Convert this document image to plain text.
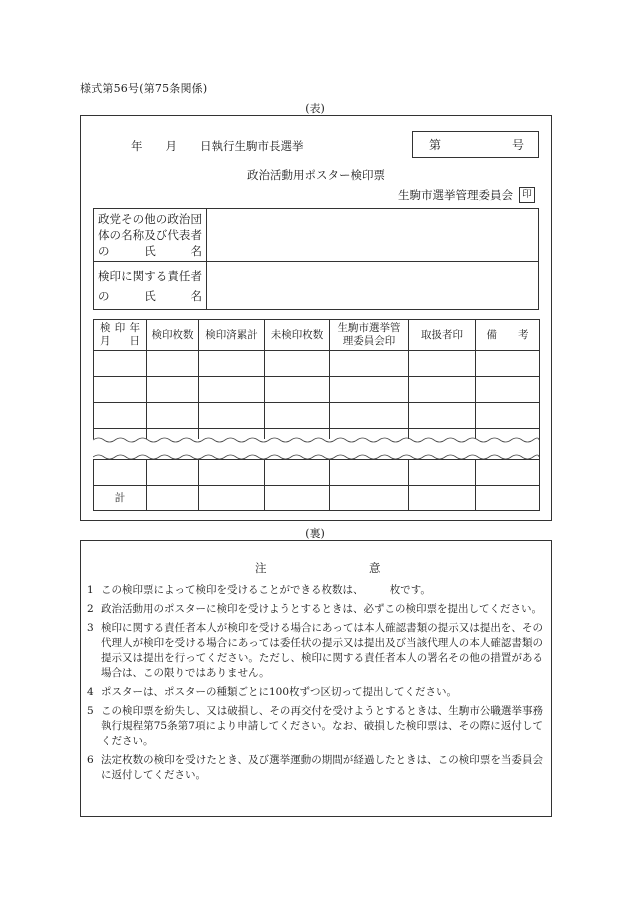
様式第56号(第75条関係)
(表)
年　　月　　日執行生駒市長選挙	第	号
政治活動用ポスター検印票
生駒市選挙管理委員会 印
政党その他の政治団体の名称及び代表者の氏名	
検印に関する責任者の氏名	
検印年月日	検印枚数	検印済累計	未検印枚数	生駒市選挙管理委員会印	取扱者印	備　　考

計						
(裏)
注	意
1 この検印票によって検印を受けることができる枚数は、　　　枚です。
2 政治活動用のポスターに検印を受けようとするときは、必ずこの検印票を提出してください。
3 検印に関する責任者本人が検印を受ける場合にあっては本人確認書類の提示又は提出を、その代理人が検印を受ける場合にあっては委任状の提示又は提出及び当該代理人の本人確認書類の提示又は提出を行ってください。ただし、検印に関する責任者本人の署名その他の措置がある場合は、この限りではありません。
4 ポスターは、ポスターの種類ごとに100枚ずつ区切って提出してください。
5 この検印票を紛失し、又は破損し、その再交付を受けようとするときは、生駒市公職選挙事務執行規程第75条第7項により申請してください。なお、破損した検印票は、その際に返付してください。
6 法定枚数の検印を受けたとき、及び選挙運動の期間が経過したときは、この検印票を当委員会に返付してください。
